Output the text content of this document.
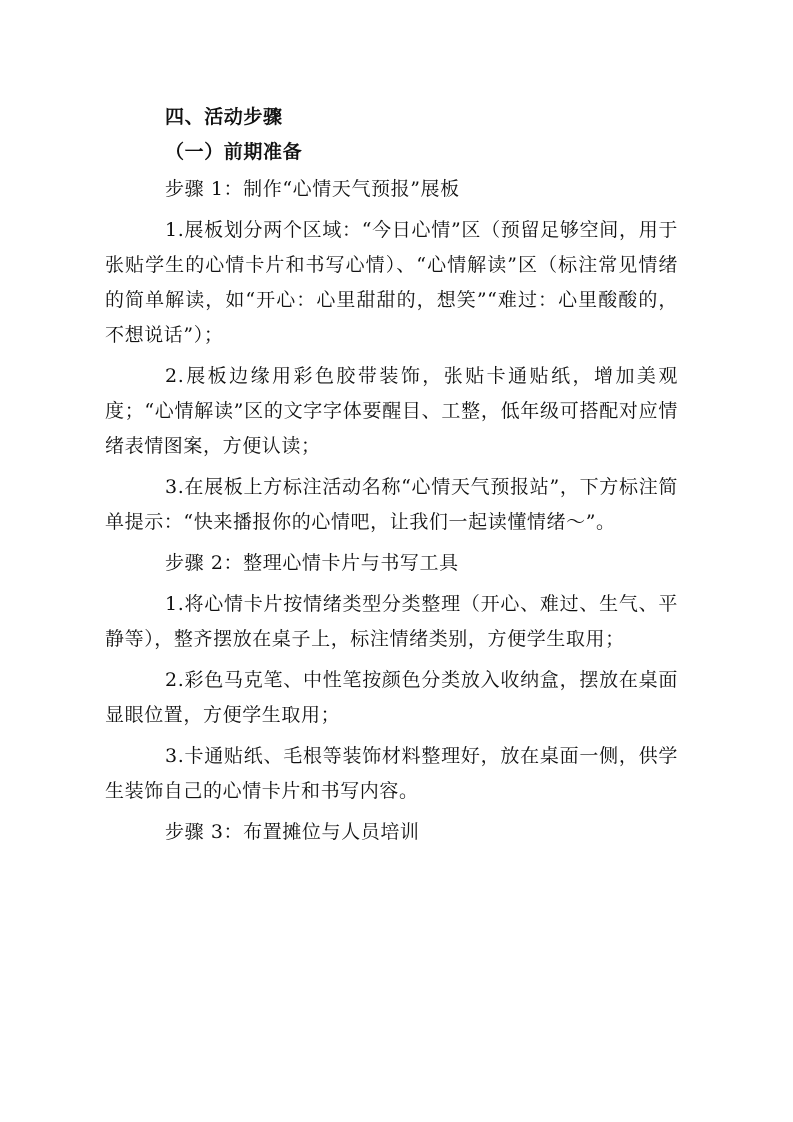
四、活动步骤

（一）前期准备

步骤 1：制作“心情天气预报”展板

1.展板划分两个区域：“今日心情”区（预留足够空间，用于张贴学生的心情卡片和书写心情）、“心情解读”区（标注常见情绪的简单解读，如“开心：心里甜甜的，想笑”“难过：心里酸酸的，不想说话”）；

2.展板边缘用彩色胶带装饰，张贴卡通贴纸，增加美观度；“心情解读”区的文字字体要醒目、工整，低年级可搭配对应情绪表情图案，方便认读；

3.在展板上方标注活动名称“心情天气预报站”，下方标注简单提示：“快来播报你的心情吧，让我们一起读懂情绪～”。

步骤 2：整理心情卡片与书写工具

1.将心情卡片按情绪类型分类整理（开心、难过、生气、平静等），整齐摆放在桌子上，标注情绪类别，方便学生取用；

2.彩色马克笔、中性笔按颜色分类放入收纳盒，摆放在桌面显眼位置，方便学生取用；

3.卡通贴纸、毛根等装饰材料整理好，放在桌面一侧，供学生装饰自己的心情卡片和书写内容。

步骤 3：布置摊位与人员培训
